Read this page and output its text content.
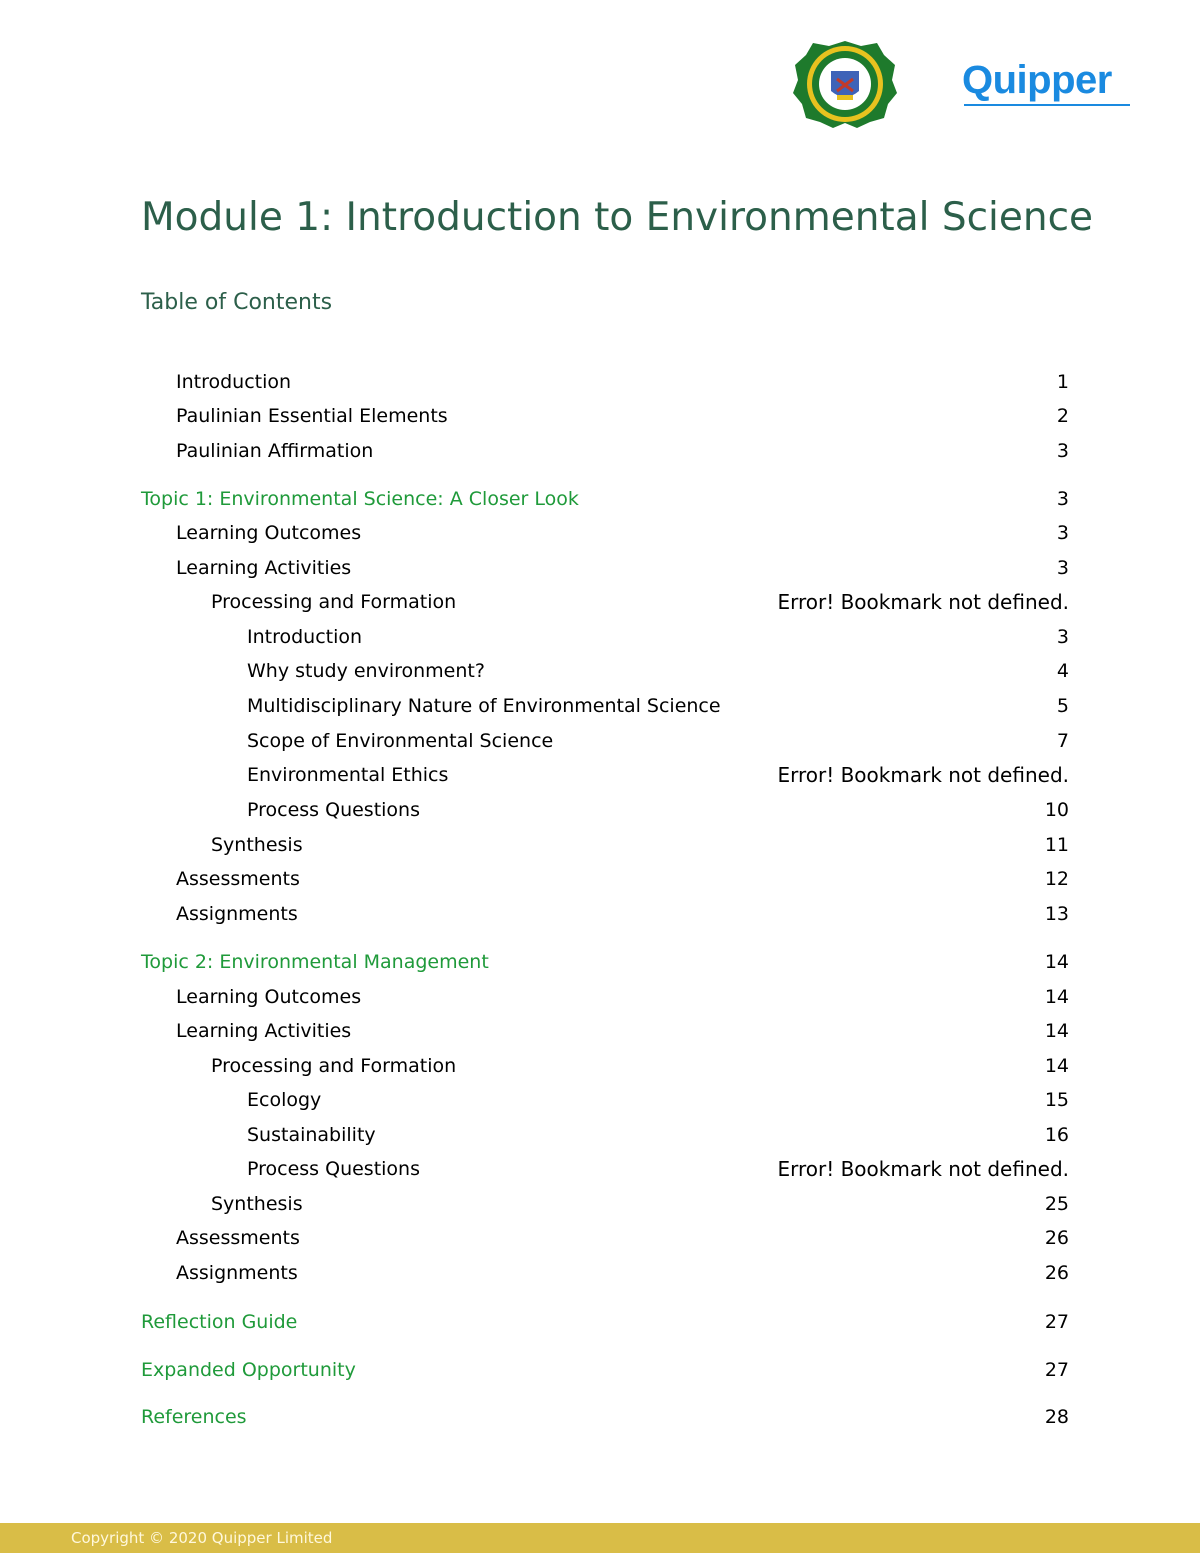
Quipper
Module 1: Introduction to Environmental Science
Table of Contents
Introduction	1
Paulinian Essential Elements	2
Paulinian Affirmation	3
Topic 1: Environmental Science: A Closer Look	3
Learning Outcomes	3
Learning Activities	3
Processing and Formation	Error! Bookmark not defined.
Introduction	3
Why study environment?	4
Multidisciplinary Nature of Environmental Science	5
Scope of Environmental Science	7
Environmental Ethics	Error! Bookmark not defined.
Process Questions	10
Synthesis	11
Assessments	12
Assignments	13
Topic 2: Environmental Management	14
Learning Outcomes	14
Learning Activities	14
Processing and Formation	14
Ecology	15
Sustainability	16
Process Questions	Error! Bookmark not defined.
Synthesis	25
Assessments	26
Assignments	26
Reflection Guide	27
Expanded Opportunity	27
References	28
Copyright © 2020 Quipper Limited
